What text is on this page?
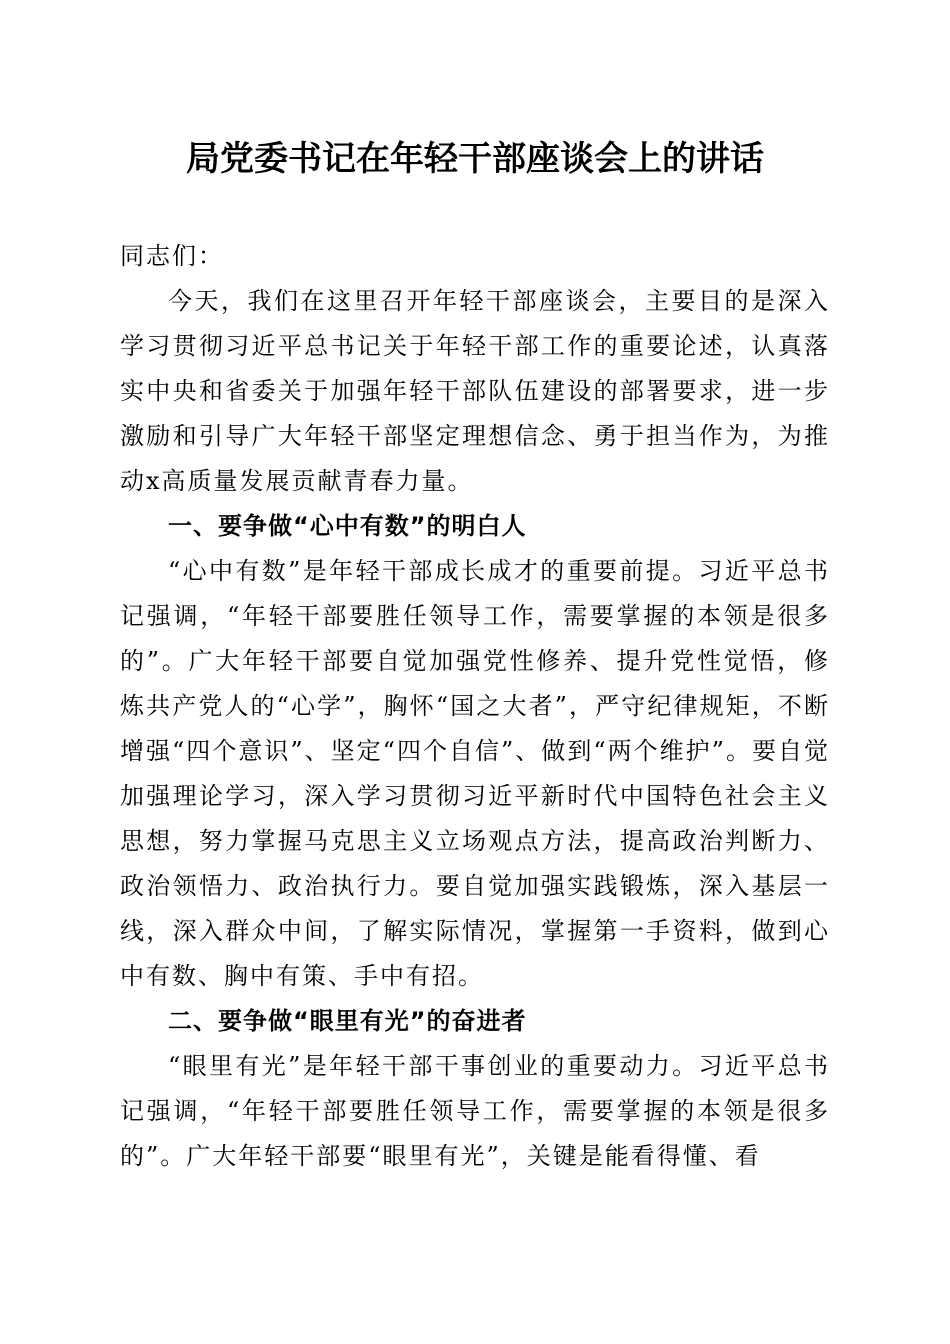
局党委书记在年轻干部座谈会上的讲话

同志们：

今天，我们在这里召开年轻干部座谈会，主要目的是深入学习贯彻习近平总书记关于年轻干部工作的重要论述，认真落实中央和省委关于加强年轻干部队伍建设的部署要求，进一步激励和引导广大年轻干部坚定理想信念、勇于担当作为，为推动x高质量发展贡献青春力量。

一、要争做“心中有数”的明白人

“心中有数”是年轻干部成长成才的重要前提。习近平总书记强调，“年轻干部要胜任领导工作，需要掌握的本领是很多的”。广大年轻干部要自觉加强党性修养、提升党性觉悟，修炼共产党人的“心学”，胸怀“国之大者”，严守纪律规矩，不断增强“四个意识”、坚定“四个自信”、做到“两个维护”。要自觉加强理论学习，深入学习贯彻习近平新时代中国特色社会主义思想，努力掌握马克思主义立场观点方法，提高政治判断力、政治领悟力、政治执行力。要自觉加强实践锻炼，深入基层一线，深入群众中间，了解实际情况，掌握第一手资料，做到心中有数、胸中有策、手中有招。

二、要争做“眼里有光”的奋进者

“眼里有光”是年轻干部干事创业的重要动力。习近平总书记强调，“年轻干部要胜任领导工作，需要掌握的本领是很多的”。广大年轻干部要“眼里有光”，关键是能看得懂、看
